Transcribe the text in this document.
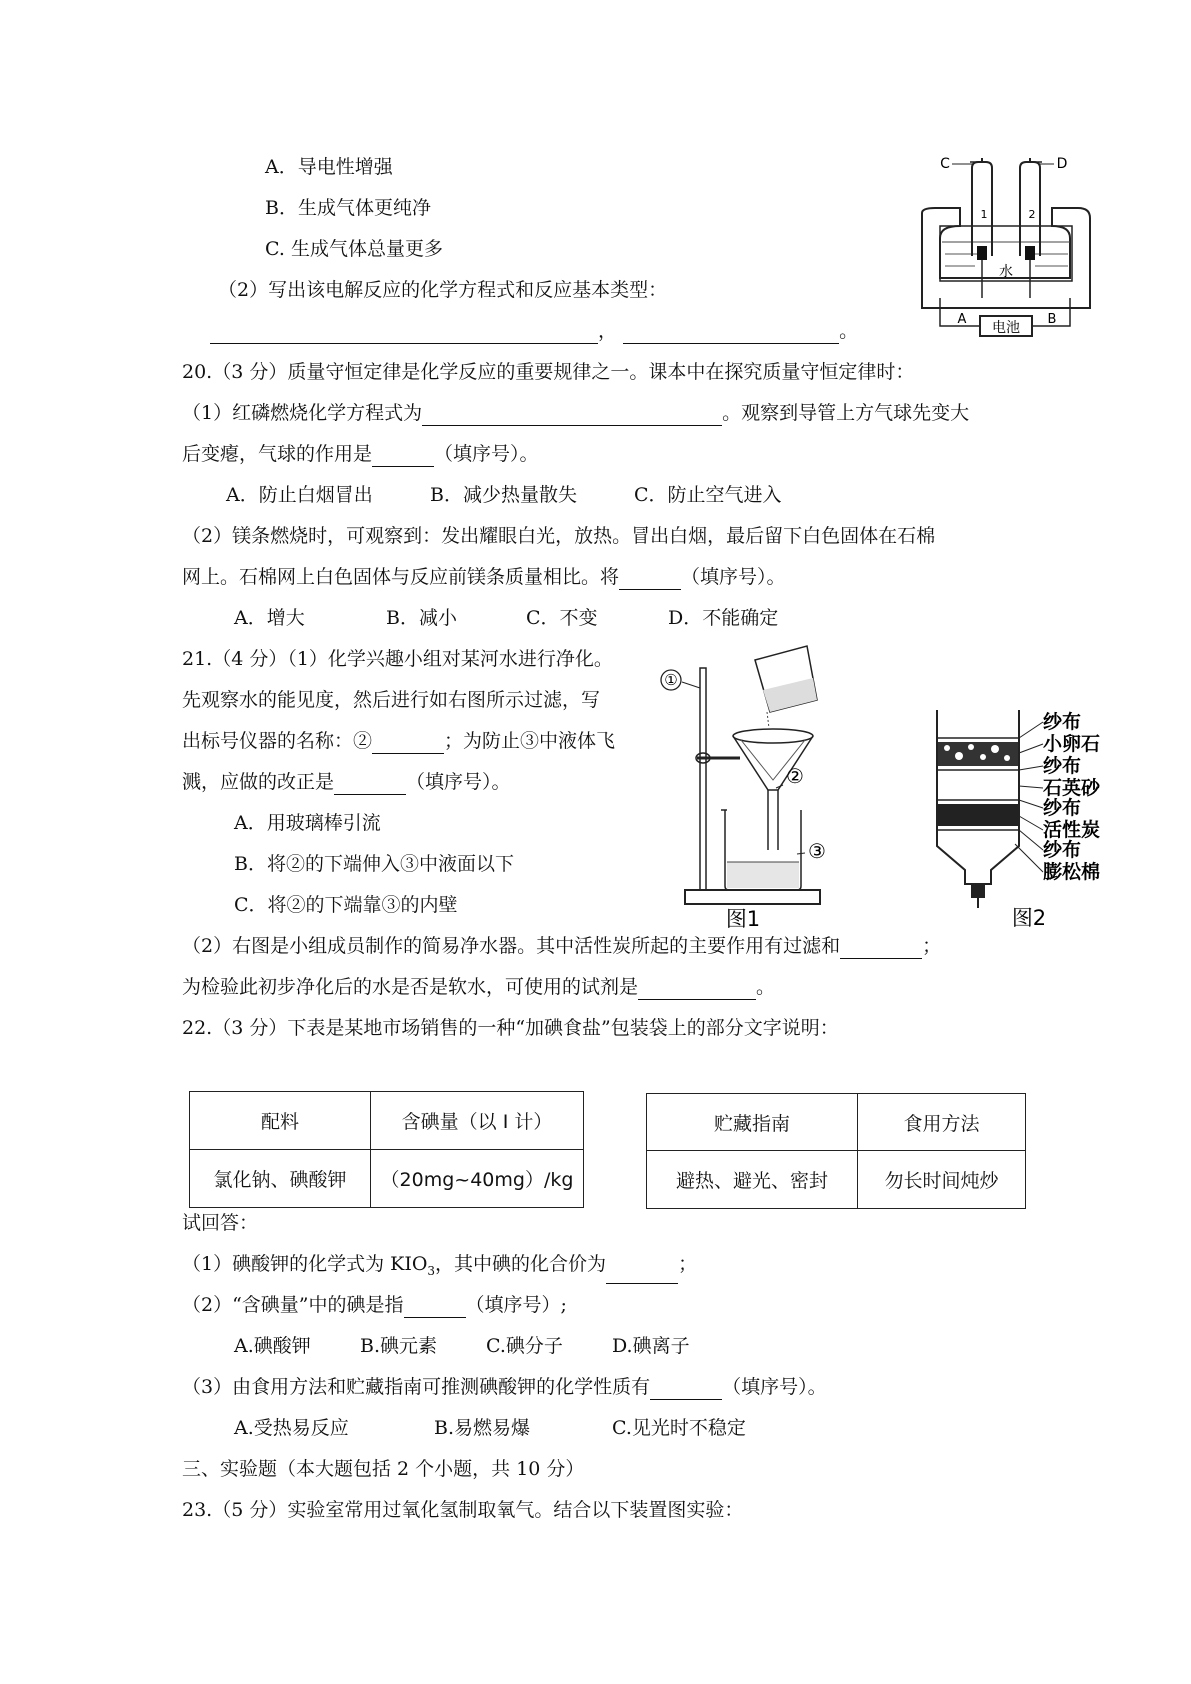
A．导电性增强
B．生成气体更纯净
C. 生成气体总量更多
（2）写出该电解反应的化学方程式和反应基本类型：
，	。	电池
1	2
水
C	D
A	B
20.（3 分）质量守恒定律是化学反应的重要规律之一。课本中在探究质量守恒定律时：
（1）红磷燃烧化学方程式为	。观察到导管上方气球先变大
后变瘪，气球的作用是	（填序号）。
A．防止白烟冒出	B．减少热量散失	C．防止空气进入
（2）镁条燃烧时，可观察到：发出耀眼白光，放热。冒出白烟，最后留下白色固体在石棉
网上。石棉网上白色固体与反应前镁条质量相比。将	（填序号）。
A．增大	B．减小	C．不变	D．不能确定
21.（4 分）（1）化学兴趣小组对某河水进行净化。
先观察水的能见度，然后进行如右图所示过滤，写
出标号仪器的名称：②	；为防止③中液体飞
溅，应做的改正是	（填序号）。
A．用玻璃棒引流
B．将②的下端伸入③中液面以下
C．将②的下端靠③的内壁
（2）右图是小组成员制作的简易净水器。其中活性炭所起的主要作用有过滤和	；
为检验此初步净化后的水是否是软水，可使用的试剂是	。
①
②
③
图1
纱布
小卵石
纱布
石英砂
纱布
活性炭
纱布
膨松棉
图2
22.（3 分）下表是某地市场销售的一种“加碘食盐”包装袋上的部分文字说明：
配料	含碘量（以 I 计）
氯化钠、碘酸钾	（20mg~40mg）/kg
贮藏指南	食用方法
避热、避光、密封	勿长时间炖炒
试回答：
（1）碘酸钾的化学式为 $KIO_3$，其中碘的化合价为	；
（2）“含碘量”中的碘是指	（填序号）;
A.碘酸钾	B.碘元素	C.碘分子	D.碘离子
（3）由食用方法和贮藏指南可推测碘酸钾的化学性质有	（填序号）。
A.受热易反应	B.易燃易爆	C.见光时不稳定
三、实验题（本大题包括 2 个小题，共 10 分）
23.（5 分）实验室常用过氧化氢制取氧气。结合以下装置图实验：
